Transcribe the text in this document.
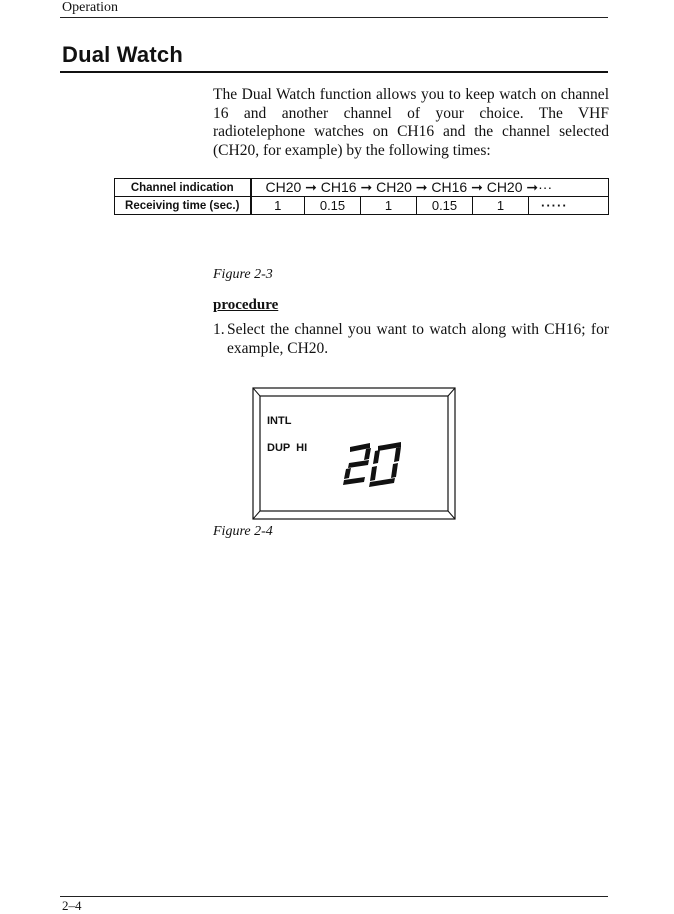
Operation
Dual Watch
The Dual Watch function allows you to keep watch on channel 16 and another channel of your choice. The VHF radiotelephone watches on CH16 and the channel selected (CH20, for example) by the following times:
Channel indication	CH20 ➞ CH16 ➞ CH20 ➞ CH16 ➞ CH20 ➞···					
Receiving time (sec.)	1	0.15	1	0.15	1	·····
Figure 2-3
procedure
1. Select the channel you want to watch along with CH16; for example, CH20.
INTL
DUP  HI
Figure 2-4
2–4
